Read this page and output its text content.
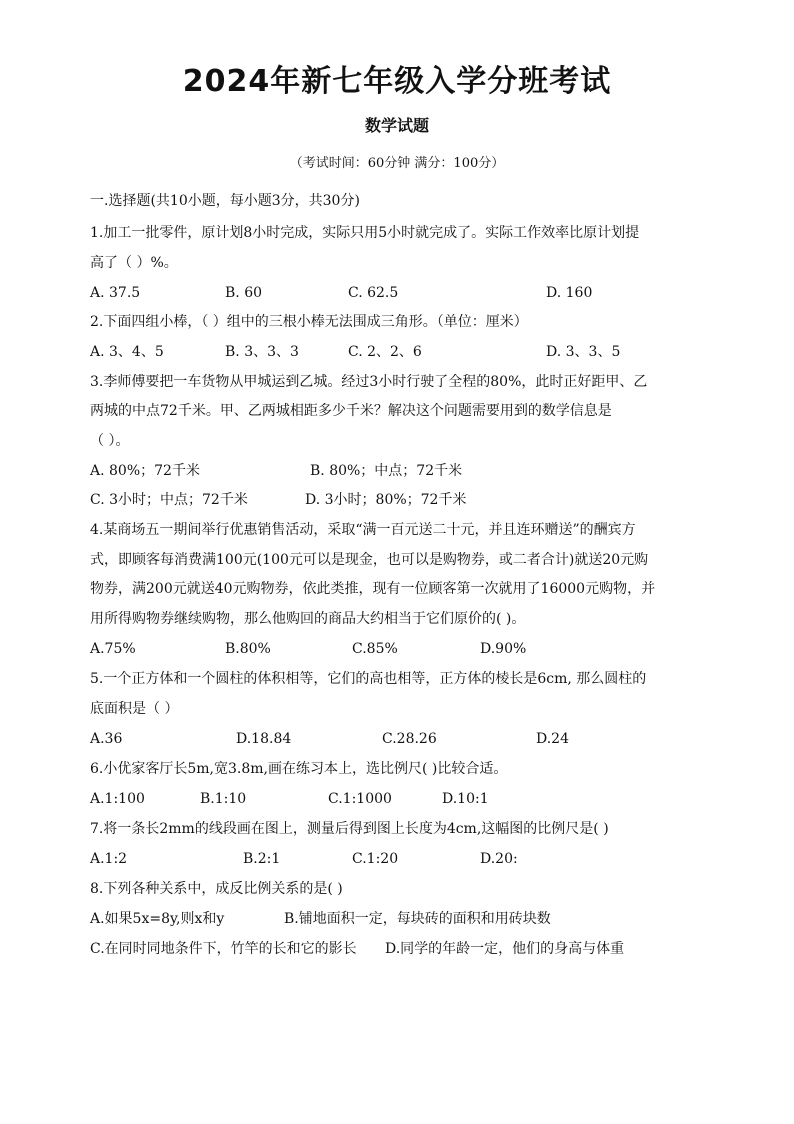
2024年新七年级入学分班考试
数学试题
（考试时间：60分钟 满分：100分）
一.选择题(共10小题，每小题3分，共30分)
1.加工一批零件，原计划8小时完成，实际只用5小时就完成了。实际工作效率比原计划提
高了（ ）%。
A. 37.5	B. 60	C. 62.5	D. 160
2.下面四组小棒，（ ）组中的三根小棒无法围成三角形。（单位：厘米）
A. 3、4、5	B. 3、3、3	C. 2、2、6	D. 3、3、5
3.李师傅要把一车货物从甲城运到乙城。经过3小时行驶了全程的80%，此时正好距甲、乙
两城的中点72千米。甲、乙两城相距多少千米？解决这个问题需要用到的数学信息是
（ ）。
A. 80%；72千米	B. 80%；中点；72千米
C. 3小时；中点；72千米	D. 3小时；80%；72千米
4.某商场五一期间举行优惠销售活动，采取“满一百元送二十元，并且连环赠送”的酬宾方
式，即顾客每消费满100元(100元可以是现金，也可以是购物券，或二者合计)就送20元购
物券，满200元就送40元购物券，依此类推，现有一位顾客第一次就用了16000元购物，并
用所得购物券继续购物，那么他购回的商品大约相当于它们原价的( )。
A.75%	B.80%	C.85%	D.90%
5.一个正方体和一个圆柱的体积相等，它们的高也相等，正方体的棱长是6cm, 那么圆柱的
底面积是（ ）
A.36	D.18.84	C.28.26	D.24
6.小优家客厅长5m,宽3.8m,画在练习本上，选比例尺( )比较合适。
A.1:100	B.1:10	C.1:1000	D.10:1
7.将一条长2mm的线段画在图上，测量后得到图上长度为4cm,这幅图的比例尺是( )
A.1:2	B.2:1	C.1:20	D.20:
8.下列各种关系中，成反比例关系的是( )
A.如果5x=8y,则x和y	B.铺地面积一定，每块砖的面积和用砖块数
C.在同时同地条件下，竹竿的长和它的影长 D.同学的年龄一定，他们的身高与体重
